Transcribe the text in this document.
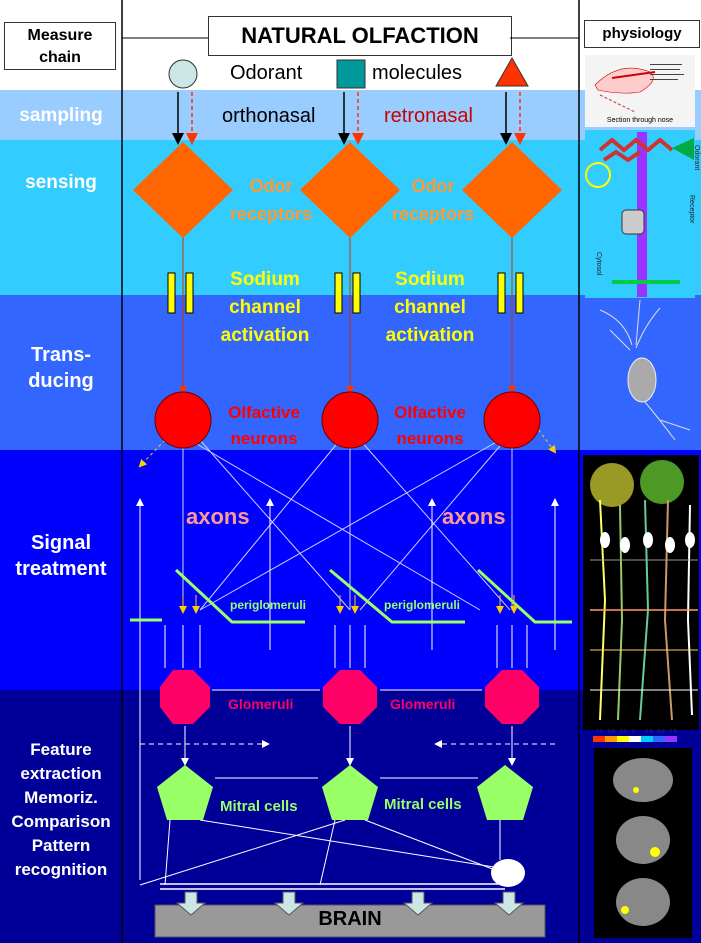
Measure chain
NATURAL OLFACTION	physiology
sampling
sensing
Trans-
ducing
Signal
treatment
Feature
extraction
Memoriz.
Comparison
Pattern
recognition
Section through nose
Receptor
Odorant
Cytosol
7.5 5.0 2.5 0 -2.5 -5.0 -7.5
Odorant	molecules
orthonasal	retronasal
Odor
receptors
Odor
receptors
Sodium
channel
activation
Sodium
channel
activation
Olfactive
neurons
Olfactive
neurons
axons	axons
periglomeruli	periglomeruli
Glomeruli	Glomeruli
Mitral cells	Mitral cells
BRAIN
